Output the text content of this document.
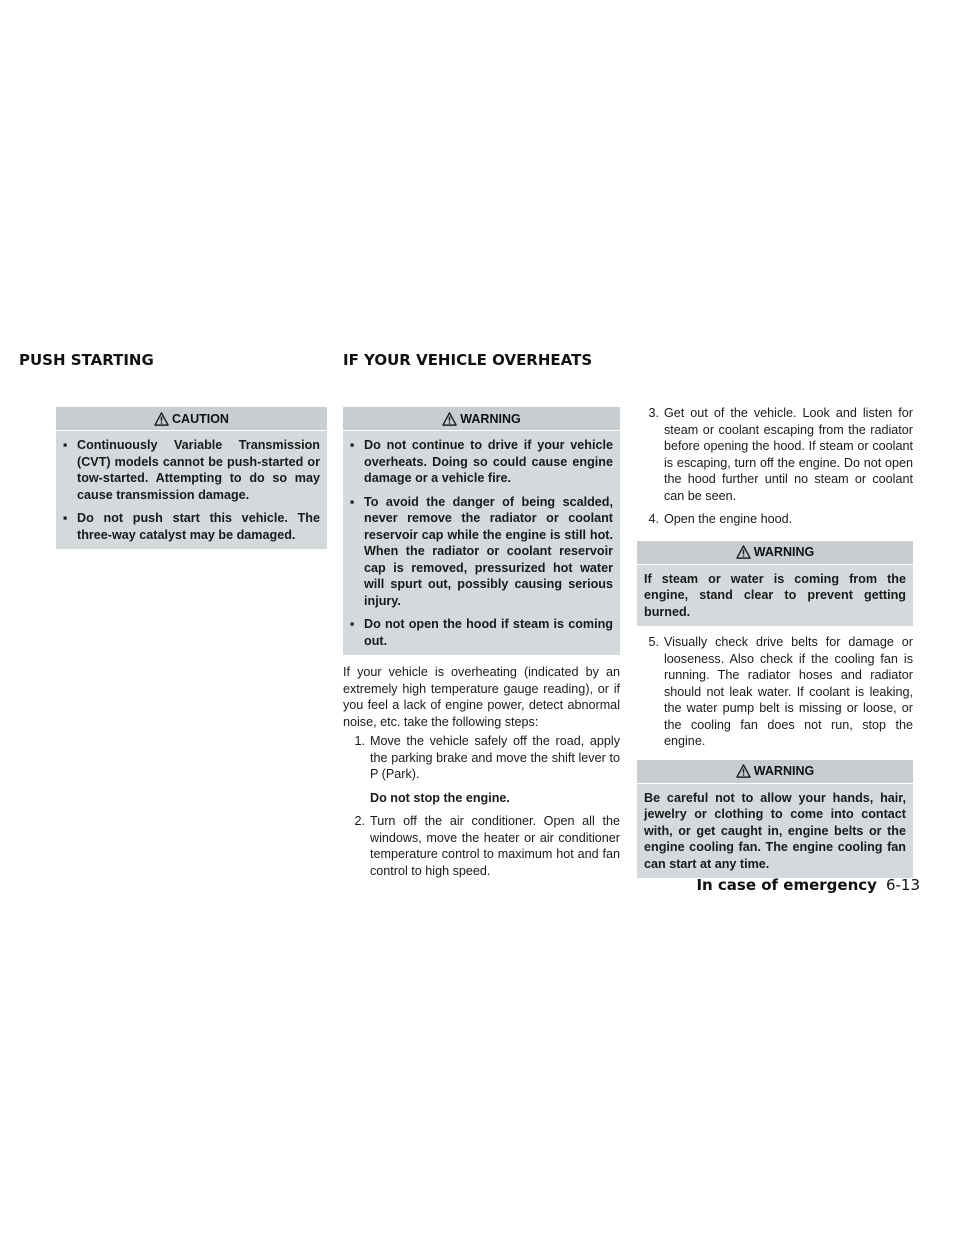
PUSH STARTING	IF YOUR VEHICLE OVERHEATS
CAUTION
▪ Continuously Variable Transmission (CVT) models cannot be push-started or tow-started. Attempting to do so may cause transmission damage.
▪ Do not push start this vehicle. The three-way catalyst may be damaged.
WARNING
▪ Do not continue to drive if your vehicle overheats. Doing so could cause engine damage or a vehicle fire.
▪ To avoid the danger of being scalded, never remove the radiator or coolant reservoir cap while the engine is still hot. When the radiator or coolant reservoir cap is removed, pressurized hot water will spurt out, possibly causing serious injury.
▪ Do not open the hood if steam is coming out.
If your vehicle is overheating (indicated by an extremely high temperature gauge reading), or if you feel a lack of engine power, detect abnormal noise, etc. take the following steps:
1. Move the vehicle safely off the road, apply the parking brake and move the shift lever to P (Park).
Do not stop the engine.
2. Turn off the air conditioner. Open all the windows, move the heater or air conditioner temperature control to maximum hot and fan control to high speed.
3. Get out of the vehicle. Look and listen for steam or coolant escaping from the radiator before opening the hood. If steam or coolant is escaping, turn off the engine. Do not open the hood further until no steam or coolant can be seen.
4. Open the engine hood.
WARNING
If steam or water is coming from the engine, stand clear to prevent getting burned.
5. Visually check drive belts for damage or looseness. Also check if the cooling fan is running. The radiator hoses and radiator should not leak water. If coolant is leaking, the water pump belt is missing or loose, or the cooling fan does not run, stop the engine.
WARNING
Be careful not to allow your hands, hair, jewelry or clothing to come into contact with, or get caught in, engine belts or the engine cooling fan. The engine cooling fan can start at any time.
In case of emergency 6-13
